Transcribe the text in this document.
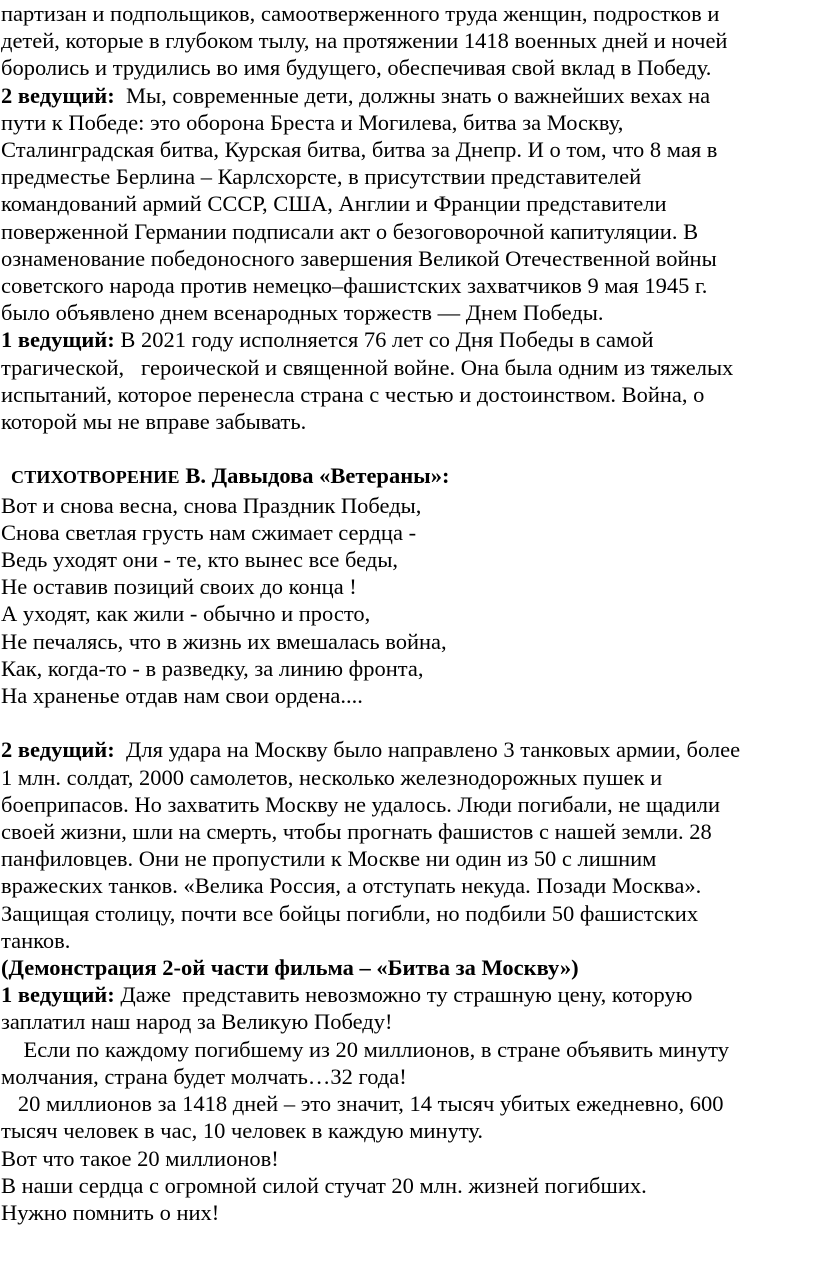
партизан и подпольщиков, самоотверженного труда женщин, подростков и

детей, которые в глубоком тылу, на протяжении 1418 военных дней и ночей

боролись и трудились во имя будущего, обеспечивая свой вклад в Победу.

2 ведущий:  Мы, современные дети, должны знать о важнейших вехах на

пути к Победе: это оборона Бреста и Могилева, битва за Москву,

Сталинградская битва, Курская битва, битва за Днепр. И о том, что 8 мая в

предместье Берлина – Карлсхорсте, в присутствии представителей

командований армий СССР, США, Англии и Франции представители

поверженной Германии подписали акт о безоговорочной капитуляции. В

ознаменование победоносного завершения Великой Отечественной войны

советского народа против немецко–фашистских захватчиков 9 мая 1945 г.

было объявлено днем всенародных торжеств — Днем Победы.

1 ведущий: В 2021 году исполняется 76 лет со Дня Победы в самой

трагической,   героической и священной войне. Она была одним из тяжелых

испытаний, которое перенесла страна с честью и достоинством. Война, о

которой мы не вправе забывать.

СТИХОТВОРЕНИЕ В. Давыдова «Ветераны»:

Вот и снова весна, снова Праздник Победы,

Снова светлая грусть нам сжимает сердца -

Ведь уходят они - те, кто вынес все беды,

Не оставив позиций своих до конца !

А уходят, как жили - обычно и просто,

Не печалясь, что в жизнь их вмешалась война,

Как, когда-то - в разведку, за линию фронта,

На храненье отдав нам свои ордена....

2 ведущий:  Для удара на Москву было направлено 3 танковых армии, более

1 млн. солдат, 2000 самолетов, несколько железнодорожных пушек и

боеприпасов. Но захватить Москву не удалось. Люди погибали, не щадили

своей жизни, шли на смерть, чтобы прогнать фашистов с нашей земли. 28

панфиловцев. Они не пропустили к Москве ни один из 50 с лишним

вражеских танков. «Велика Россия, а отступать некуда. Позади Москва».

Защищая столицу, почти все бойцы погибли, но подбили 50 фашистских

танков.

(Демонстрация 2-ой части фильма – «Битва за Москву»)

1 ведущий: Даже  представить невозможно ту страшную цену, которую

заплатил наш народ за Великую Победу!

Если по каждому погибшему из 20 миллионов, в стране объявить минуту

молчания, страна будет молчать…32 года!

20 миллионов за 1418 дней – это значит, 14 тысяч убитых ежедневно, 600

тысяч человек в час, 10 человек в каждую минуту.

Вот что такое 20 миллионов!

В наши сердца с огромной силой стучат 20 млн. жизней погибших.

Нужно помнить о них!
